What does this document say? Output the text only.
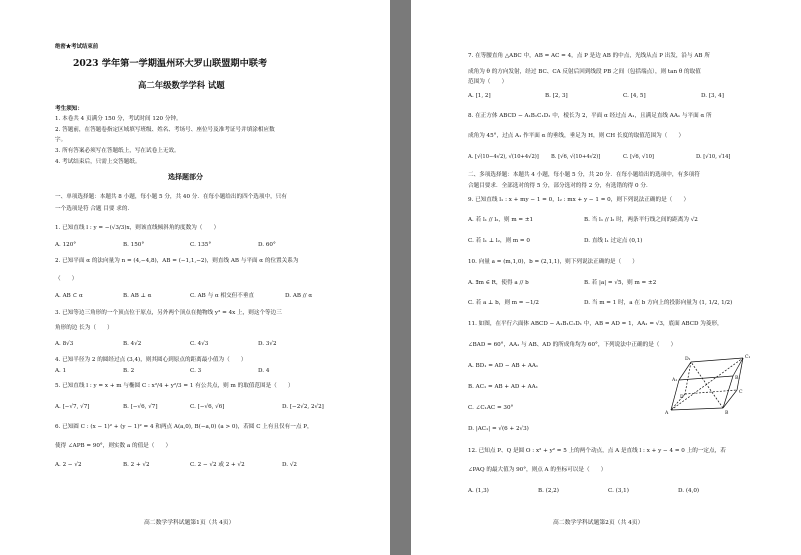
绝密★考试结束前
2023 学年第一学期温州环大罗山联盟期中联考
高二年级数学学科 试题
考生须知：
1. 本卷共 4 页满分 150 分，考试时间 120 分钟。
2. 答题前，在答题卷指定区域填写班级、姓名、考场号、座位号及准考证号并填涂相应数
字。
3. 所有答案必须写在答题纸上，写在试卷上无效。
4. 考试结束后，只需上交答题纸。
选择题部分
一、单项选择题：本题共 8 小题，每小题 5 分，共 40 分．在每小题给出的四个选项中，只有
一个选项是符 合题 目要 求的．
1. 已知直线 l : y = −(√3/3)x，则该直线倾斜角的度数为（　　）
A. 120°	B. 150°	C. 135°	D. 60°
2. 已知平面 α 的法向量为 n = (4,−4,8)，AB = (−1,1,−2)，则直线 AB 与平面 α 的位置关系为
（　　）
A. AB ⊂ α	B. AB ⊥ α	C. AB 与 α 相交但不垂直	D. AB // α
3. 已知等边三角形的一个顶点位于原点，另外两个顶点在抛物线 y² = 4x 上，则这个等边三
角形的边 长为（　　）
A. 8√3	B. 4√2	C. 4√3	D. 3√2
4. 已知半径为 2 的圆经过点 (3,4)，则其圆心到原点的距离最小值为（　　）
A. 1	B. 2	C. 3	D. 4
5. 已知直线 l : y = x + m 与椭圆 C : x²/4 + y²/3 = 1 有公共点，则 m 的取值范围是（　　）
A. [−√7, √7]	B. [−√6, √7]	C. [−√6, √6]	D. [−2√2, 2√2]
6. 已知圆 C : (x − 1)² + (y − 1)² = 4 和两点 A(a,0), B(−a,0) (a > 0)，若圆 C 上有且仅有一点 P，
使得 ∠APB = 90°，则实数 a 的值是（　　）
A. 2 − √2	B. 2 + √2	C. 2 − √2 或 2 + √2	D. √2
高二数学学科试题第1页（共 4页）
7. 在等腰直角 △ABC 中，AB = AC = 4，点 P 是边 AB 的中点，光线从点 P 出发，沿与 AB 所
成角为 θ 的方向发射，经过 BC、CA 反射后回到线段 PB 之间（包括端点），则 tan θ 的取值
范围为（　　）
A. [1, 2]	B. [2, 3]	C. [4, 5]	D. [3, 4]
8. 在正方体 ABCD − A₁B₁C₁D₁ 中，棱长为 2，平面 α 经过点 A₁，且满足直线 AA₁ 与平面 α 所
成角为 45°，过点 A₁ 作平面 α 的垂线，垂足为 H，则 CH 长度的取值范围为（　　）
A. [√(10−4√2), √(10+4√2)] B. [√6, √(10+4√2)]	C. [√6, √10]	D. [√10, √14]
二、多项选择题：本题共 4 小题，每小题 5 分，共 20 分．在每小题给出的选项中，有多项符
合题目要求．全部选对的得 5 分，部分选对的得 2 分，有选错的得 0 分．
9. 已知直线 l₁ : x + my − 1 = 0，l₂ : mx + y − 1 = 0，则下列说法正确的是（　　）
A. 若 l₁ // l₂，则 m = ±1	B. 当 l₁ // l₂ 时，两条平行线之间的距离为 √2
C. 若 l₁ ⊥ l₂，则 m = 0	D. 直线 l₁ 过定点 (0,1)
10. 向量 a = (m,1,0)，b = (2,1,1)，则下列说法正确的是（　　）
A. ∃m ∈ R，使得 a // b	B. 若 |a| = √5，则 m = ±2
C. 若 a ⊥ b，则 m = −1/2	D. 当 m = 1 时，a 在 b 方向上的投影向量为 (1, 1/2, 1/2)
11. 如图，在平行六面体 ABCD − A₁B₁C₁D₁ 中，AB = AD = 1，AA₁ = √3，底面 ABCD 为菱形，
∠BAD = 60°，AA₁ 与 AB、AD 的所成角均为 60°，下列说法中正确的是（　　）
A. BD₁ = AD − AB + AA₁
B. AC₁ = AB + AD + AA₁
C. ∠C₁AC = 30°
D. |AC₁| = √(6 + 2√3)
D₁	C₁
A₁	B₁
D
C
A	B
12. 已知点 P、Q 是圆 O : x² + y² = 5 上的两个动点，点 A 是直线 l : x + y − 4 = 0 上的一定点，若
∠PAQ 的最大值为 90°，则点 A 的坐标可以是（　　）
A. (1,3)	B. (2,2)	C. (3,1)	D. (4,0)
高二数学学科试题第2页（共 4页）
